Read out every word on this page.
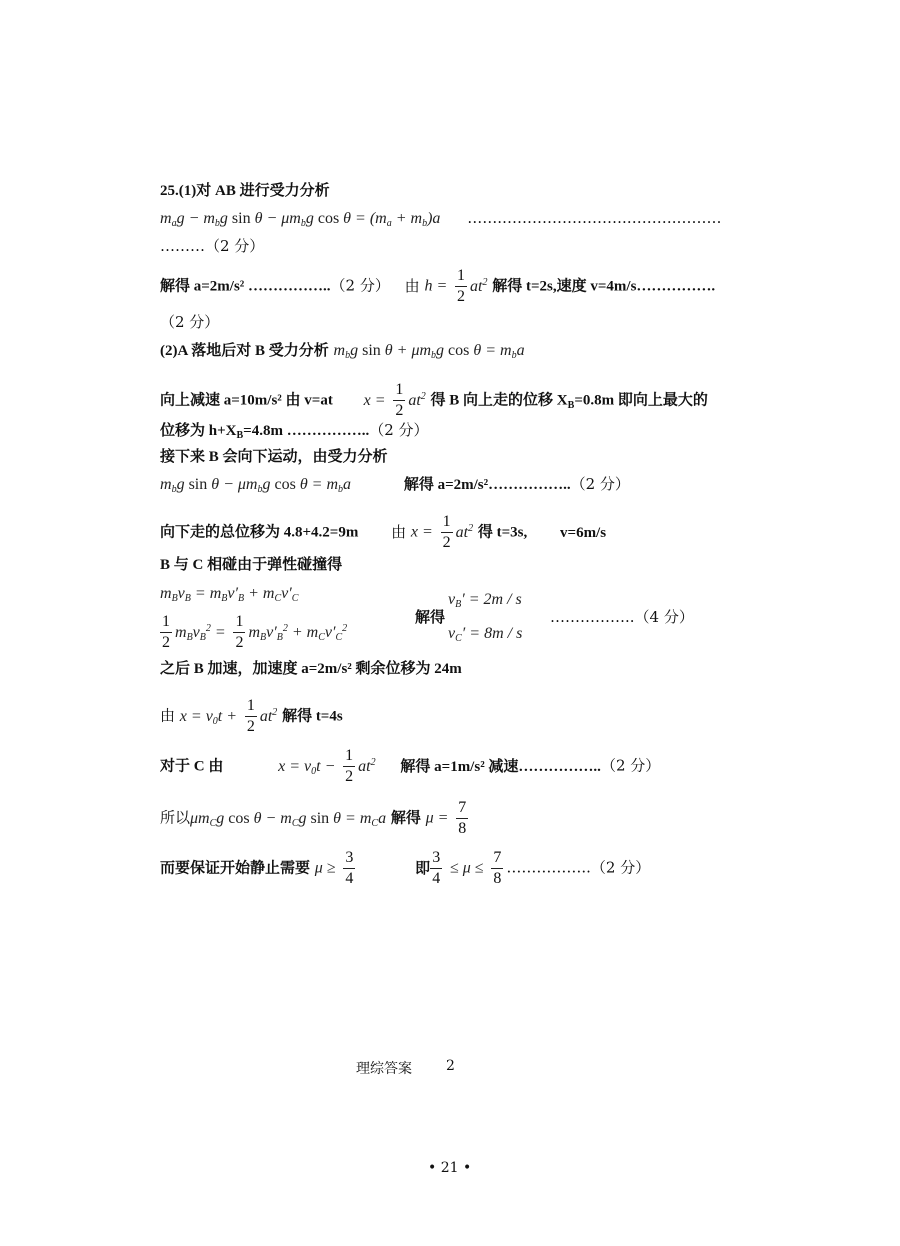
25.(1)对 AB 进行受力分析
$m_ag - m_bg$ $\sin \theta - \mu m_bg$ $\cos \theta = (m_a + m_b)a$ …….…………………….……….………
………（2 分）
解得 a=2m/s² ……………..（2 分） 由 $h = \frac{1}{2} at^2$ 解得 t=2s,速度 v=4m/s…………….
（2 分）
(2)A 落地后对 B 受力分析 $m_bg$ $\sin \theta + \mu m_bg$ $\cos \theta = m_ba$
向上减速 a=10m/s² 由 v=at $x = \frac{1}{2} at^2$ 得 B 向上走的位移 $X_B=0.8m$ 即向上最大的
位移为 $h+X_B=4.8m$ ……………..（2 分）
接下来 B 会向下运动，由受力分析
$m_bg$ $\sin \theta - \mu m_bg$ $\cos \theta = m_ba$	解得 a=2m/s²……………..（2 分）
向下走的总位移为 4.8+4.2=9m 由 $x = \frac{1}{2} at^2$ 得 t=3s, v=6m/s
B 与 C 相碰由于弹性碰撞得
$m_Bv_B = m_Bv'_B + m_Cv'_C$
$\frac{1}{2} m_Bv_B^2 = \frac{1}{2} m_Bv'_B^2 + m_Cv'_C^2$
解得
$v_B' = 2m / s$
$v_C' = 8m / s$
……………..（4 分）
之后 B 加速，加速度 a=2m/s² 剩余位移为 24m
由 $x = v_0t + \frac{1}{2} at^2$ 解得 t=4s
对于 C 由	$x = v_0t - \frac{1}{2} at^2$ 解得 a=1m/s² 减速……………..（2 分）
所以$\mu m_Cg$ $\cos \theta - m_Cg$ $\sin \theta = m_Ca$ 解得 $\mu = \frac{7}{8}$
而要保证开始静止需要 $\mu \ge \frac{3}{4}$	即 $\frac{3}{4} \le \mu \le \frac{7}{8}$ ……………..（2 分）
理综答案 2
• 21 •
